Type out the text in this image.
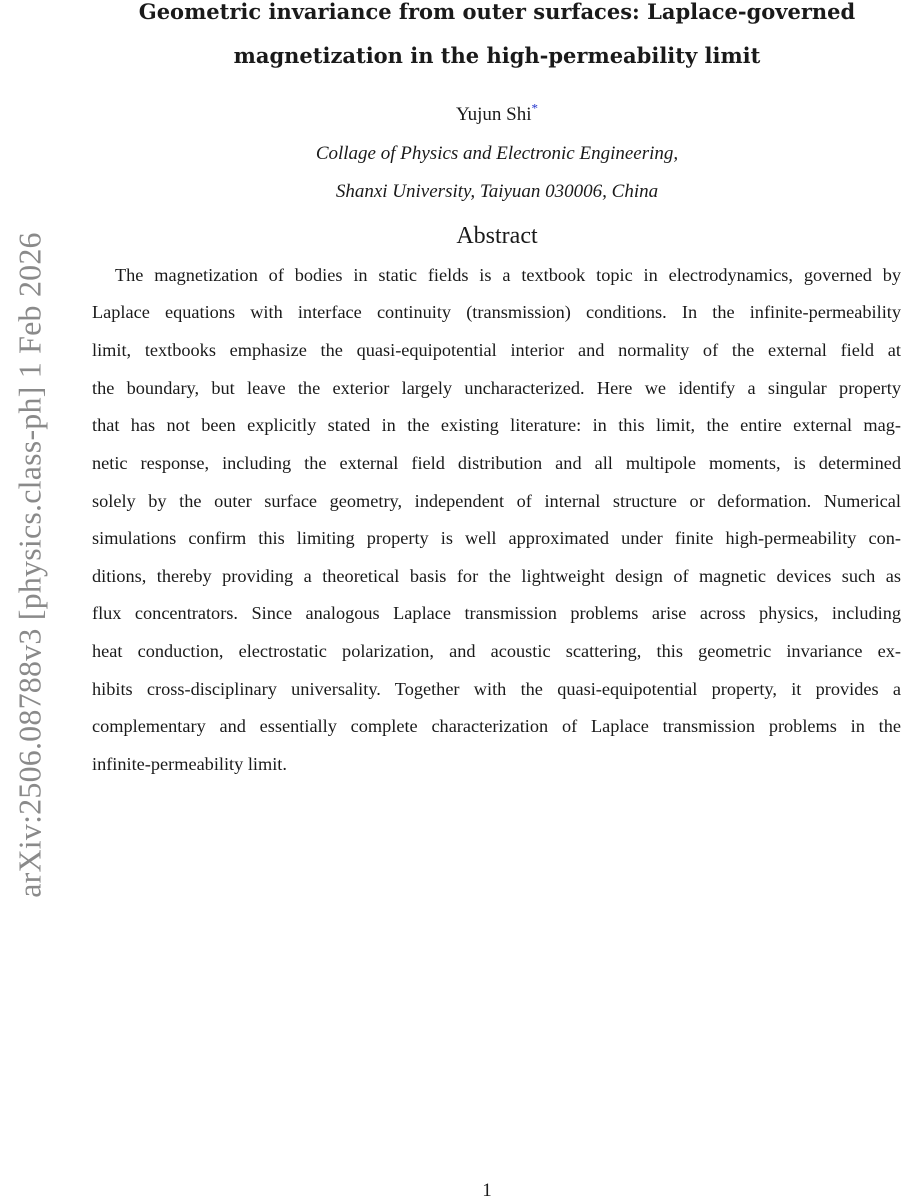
arXiv:2506.08788v3 [physics.class-ph] 1 Feb 2026
Geometric invariance from outer surfaces: Laplace-governed
magnetization in the high-permeability limit
Yujun Shi*
Collage of Physics and Electronic Engineering,
Shanxi University, Taiyuan 030006, China
Abstract

The magnetization of bodies in static fields is a textbook topic in electrodynamics, governed by

Laplace equations with interface continuity (transmission) conditions. In the infinite-permeability

limit, textbooks emphasize the quasi-equipotential interior and normality of the external field at

the boundary, but leave the exterior largely uncharacterized. Here we identify a singular property

that has not been explicitly stated in the existing literature: in this limit, the entire external mag-

netic response, including the external field distribution and all multipole moments, is determined

solely by the outer surface geometry, independent of internal structure or deformation. Numerical

simulations confirm this limiting property is well approximated under finite high-permeability con-

ditions, thereby providing a theoretical basis for the lightweight design of magnetic devices such as

flux concentrators. Since analogous Laplace transmission problems arise across physics, including

heat conduction, electrostatic polarization, and acoustic scattering, this geometric invariance ex-

hibits cross-disciplinary universality. Together with the quasi-equipotential property, it provides a

complementary and essentially complete characterization of Laplace transmission problems in the

infinite-permeability limit.

1
